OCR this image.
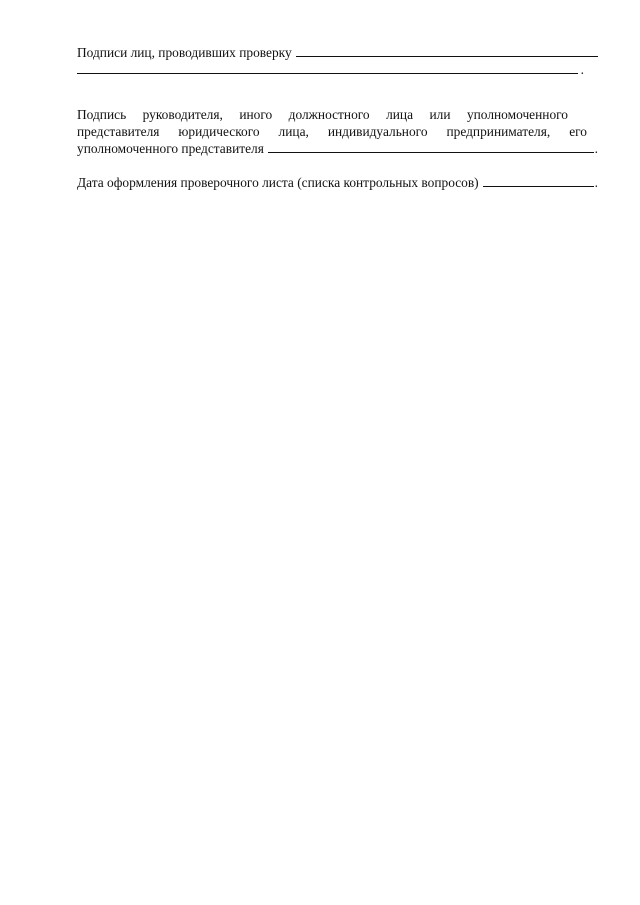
Подписи лиц, проводивших проверку
.
Подпись руководителя, иного должностного лица или уполномоченного
представителя юридического лица, индивидуального предпринимателя, его
уполномоченного представителя	.
Дата оформления проверочного листа (списка контрольных вопросов)	.
